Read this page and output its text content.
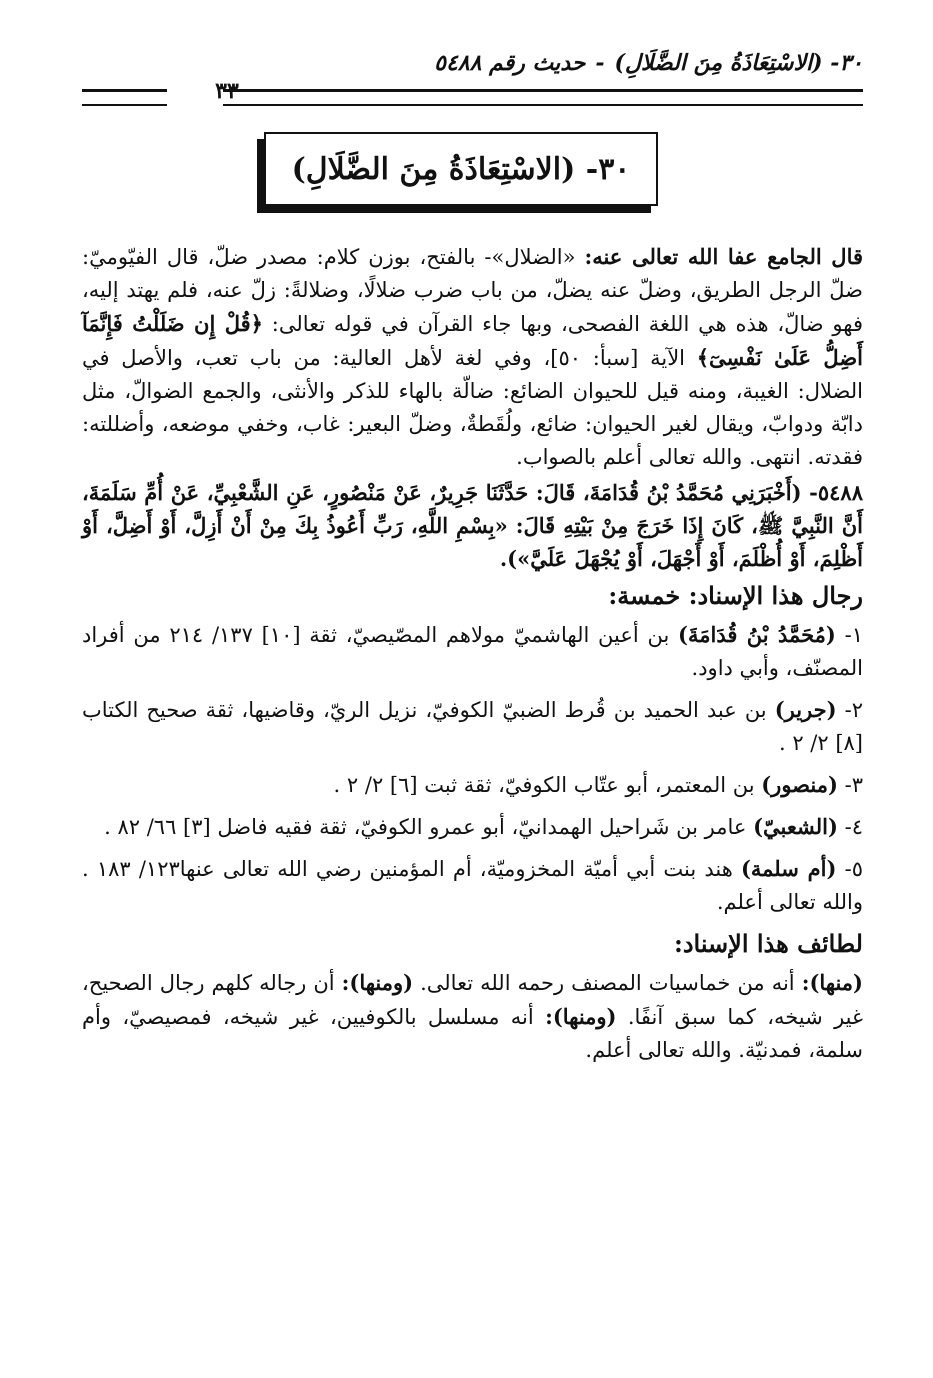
٣٠- (الاسْتِعَاذَةُ مِنَ الضَّلَالِ)
-
حديث رقم ٥٤٨٨
٣٣
٣٠- (الاسْتِعَاذَةُ مِنَ الضَّلَالِ)

قال الجامع عفا الله تعالى عنه: «الضلال»- بالفتح، بوزن كلام: مصدر ضلّ، قال الفيّوميّ: ضلّ الرجل الطريق، وضلّ عنه يضلّ، من باب ضرب ضلالًا، وضلالةً: زلّ عنه، فلم يهتد إليه، فهو ضالّ، هذه هي اللغة الفصحى، وبها جاء القرآن في قوله تعالى: ﴿قُلْ إِن ضَلَلْتُ فَإِنَّمَآ أَضِلُّ عَلَىٰ نَفْسِىٓ﴾ الآية [سبأ: ٥٠]، وفي لغة لأهل العالية: من باب تعب، والأصل في الضلال: الغيبة، ومنه قيل للحيوان الضائع: ضالّة بالهاء للذكر والأنثى، والجمع الضوالّ، مثل دابّة ودوابّ، ويقال لغير الحيوان: ضائع، ولُقَطةٌ، وضلّ البعير: غاب، وخفي موضعه، وأضللته: فقدته. انتهى. والله تعالى أعلم بالصواب.

٥٤٨٨- (أَخْبَرَنِي مُحَمَّدُ بْنُ قُدَامَةَ، قَالَ: حَدَّثَنَا جَرِيرٌ، عَنْ مَنْصُورٍ، عَنِ الشَّعْبِيِّ، عَنْ أُمِّ سَلَمَةَ، أَنَّ النَّبِيَّ ﷺ، كَانَ إِذَا خَرَجَ مِنْ بَيْتِهِ قَالَ: «بِسْمِ اللَّهِ، رَبِّ أَعُوذُ بِكَ مِنْ أَنْ أَزِلَّ، أَوْ أَضِلَّ، أَوْ أَظْلِمَ، أَوْ أُظْلَمَ، أَوْ أَجْهَلَ، أَوْ يُجْهَلَ عَلَيَّ»).

رجال هذا الإسناد: خمسة:

١- (مُحَمَّدُ بْنُ قُدَامَةَ) بن أعين الهاشميّ مولاهم المصّيصيّ، ثقة [١٠] ١٣٧/ ٢١٤ من أفراد المصنّف، وأبي داود.

٢- (جرير) بن عبد الحميد بن قُرط الضبيّ الكوفيّ، نزيل الريّ، وقاضيها، ثقة صحيح الكتاب [٨] ٢/ ٢ .

٣- (منصور) بن المعتمر، أبو عتّاب الكوفيّ، ثقة ثبت [٦] ٢/ ٢ .

٤- (الشعبيّ) عامر بن شَراحيل الهمدانيّ، أبو عمرو الكوفيّ، ثقة فقيه فاضل [٣] ٦٦/ ٨٢ .

٥- (أم سلمة) هند بنت أبي أميّة المخزوميّة، أم المؤمنين رضي الله تعالى عنها١٢٣/ ١٨٣ . والله تعالى أعلم.

لطائف هذا الإسناد:

(منها): أنه من خماسيات المصنف رحمه الله تعالى. (ومنها): أن رجاله كلهم رجال الصحيح، غير شيخه، كما سبق آنفًا. (ومنها): أنه مسلسل بالكوفيين، غير شيخه، فمصيصيّ، وأم سلمة، فمدنيّة. والله تعالى أعلم.
